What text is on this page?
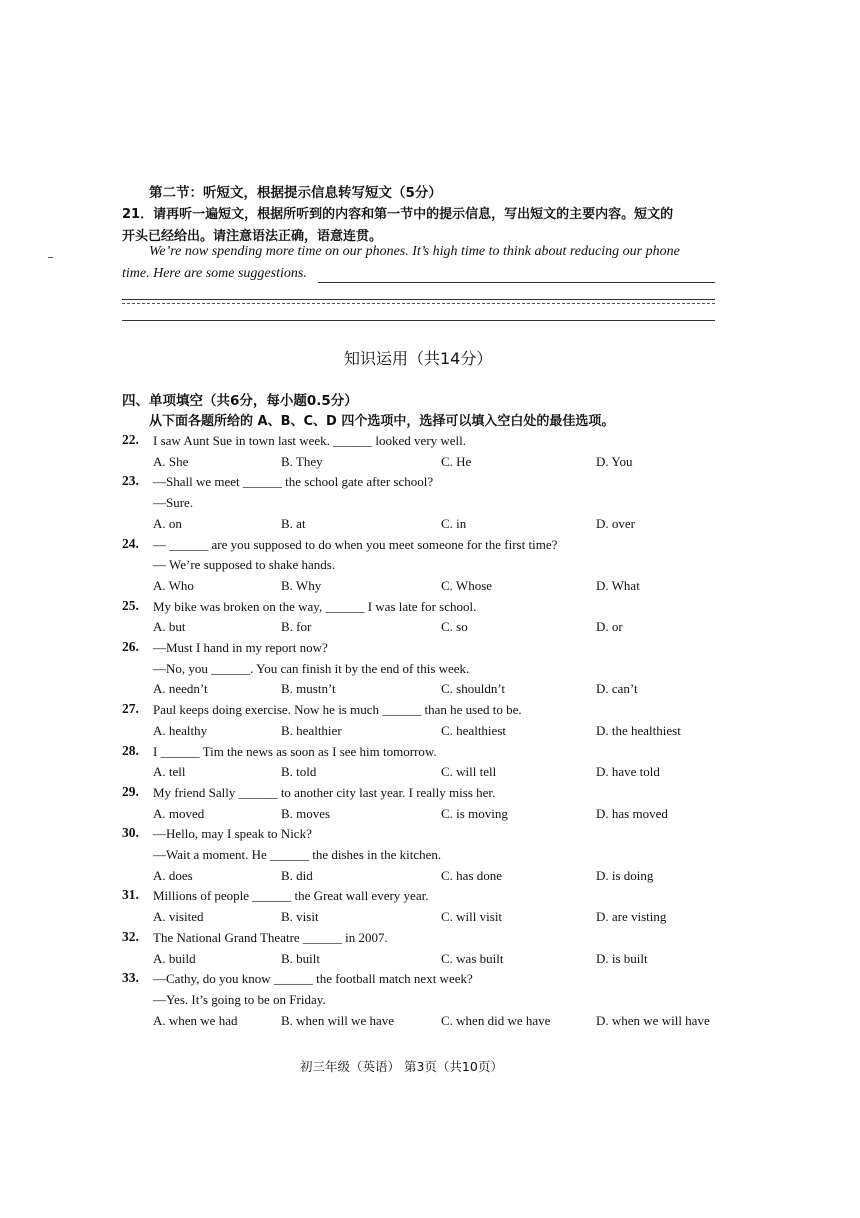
第二节：听短文，根据提示信息转写短文（5分）
21．请再听一遍短文，根据所听到的内容和第一节中的提示信息，写出短文的主要内容。短文的
开头已经给出。请注意语法正确，语意连贯。
We’re now spending more time on our phones. It’s high time to think about reducing our phone
time. Here are some suggestions.
知识运用（共14分）
四、单项填空（共6分，每小题0.5分）
从下面各题所给的 A、B、C、D 四个选项中，选择可以填入空白处的最佳选项。
22. I saw Aunt Sue in town last week. ______ looked very well.
A. She	B. They	C. He	D. You
23. —Shall we meet ______ the school gate after school?
—Sure.
A. on	B. at	C. in	D. over
24. — ______ are you supposed to do when you meet someone for the first time?
— We’re supposed to shake hands.
A. Who	B. Why	C. Whose	D. What
25. My bike was broken on the way, ______ I was late for school.
A. but	B. for	C. so	D. or
26. —Must I hand in my report now?
—No, you ______. You can finish it by the end of this week.
A. needn’t	B. mustn’t	C. shouldn’t	D. can’t
27. Paul keeps doing exercise. Now he is much ______ than he used to be.
A. healthy	B. healthier	C. healthiest	D. the healthiest
28. I ______ Tim the news as soon as I see him tomorrow.
A. tell	B. told	C. will tell	D. have told
29. My friend Sally ______ to another city last year. I really miss her.
A. moved	B. moves	C. is moving	D. has moved
30. —Hello, may I speak to Nick?
—Wait a moment. He ______ the dishes in the kitchen.
A. does	B. did	C. has done	D. is doing
31. Millions of people ______ the Great wall every year.
A. visited	B. visit	C. will visit	D. are visting
32. The National Grand Theatre ______ in 2007.
A. build	B. built	C. was built	D. is built
33. —Cathy, do you know ______ the football match next week?
—Yes. It’s going to be on Friday.
A. when we had	B. when will we have	C. when did we have	D. when we will have
初三年级（英语） 第3页（共10页）
